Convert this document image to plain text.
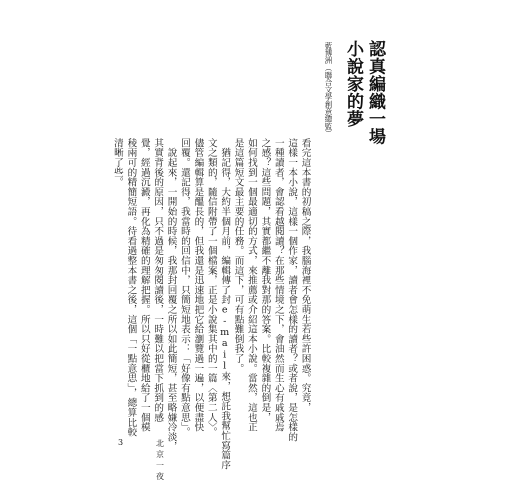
認真編織一場
小說家的夢

藍博洲︵聯合文學創意總監︶

看完這本書的初稿之際，我腦海裡不免萌生若些許困惑。究竟，

這樣一本小說，這樣一個作家，讀者會怎樣的讀者？或者說，是怎樣的

一種讀者，會認看越閱讀？在那些情境之下，會油然而生心有戚戚焉

之感？這些問題，其實都繼不離我對那的答案。比較複雜的倒是，

如何找到一個最適切的方式，來推薦或介紹這本小說。當然，這也正

是這篇短文最主要的任務。而這下，可有點難倒我了。

　猶記得，大約半個月前，編輯傳了封e-mail來，想託我幫忙寫篇序

文之類的，隨信附帶了一個檔案，正是小說集其中的一篇〈第二人〉。

儘管編輯算是醞長的，但我還是迅速地把它給瀏覽過一遍，以便盡快

回覆。還記得，我當時的回信中，只簡短地表示：「好像有點意思」。

　說起來，一開始的時候，我那封回覆之所以如此簡短，甚至略嫌冷淡，

其實背後的原因，只不過是匆匆閱讀後，一時難以把當下抓到的感

覺，經過沉澱，再化為精確的理解把握。所以只好從櫃地給了一個模

稜兩可的精簡短語。待看過整本書之後，這個「一點意思」，總算比較

清晰了些。

3	北京一夜
